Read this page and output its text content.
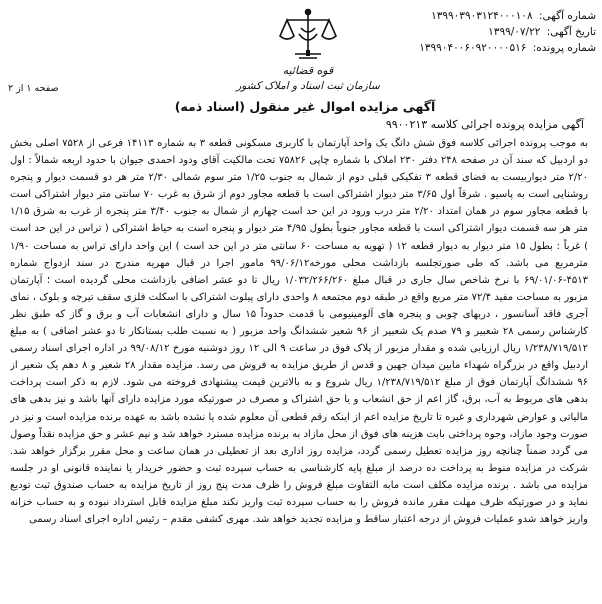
شماره آگهی: ۱۳۹۹۰۳۹۰۳۱۲۴۰۰۰۱۰۸
تاریخ آگهی: ۱۳۹۹/۰۷/۲۲
شماره پرونده: ۱۳۹۹۰۴۰۰۶۰۹۲۰۰۰۰۵۱۶
قوه قضائیه
سازمان ثبت اسناد و املاک کشور
صفحه ۱ از ۲
آگهی مزایده اموال غیر منقول (اسناد ذمه)
آگهی مزایده پرونده اجرائی کلاسه ۹۹۰۰۲۱۳
به موجب پرونده اجرائی کلاسه فوق شش دانگ یک واحد آپارتمان با کاربری مسکونی قطعه ۳ به شماره ۱۴۱۱۳ فرعی از ۷۵۲۸ اصلی بخش دو اردبیل که سند آن در صفحه ۲۴۸ دفتر ۲۳۰ املاک با شماره چاپی ۷۵۸۲۶ تحت مالکیت آقای ودود احمدی جیوان با حدود اربعه شمالاً : اول ۲/۲۰ متر دیواربیست به فضای قطعه ۳ تفکیکی قبلی دوم از شمال به جنوب ۱/۲۵ متر سوم شمالی ۲/۳۰ متر هر دو قسمت دیوار و پنجره روشنایی است به پاسیو . شرقاً اول ۳/۶۵ متر دیوار اشتراکی است با قطعه مجاور دوم از شرق به غرب ۷۰ سانتی متر دیوار اشتراکی است با قطعه مجاور سوم در همان امتداد ۲/۲۰ متر درب ورود در این حد است چهارم از شمال به جنوب ۳/۴۰ متر پنجره از غرب به شرق ۱/۱۵ متر هر سه قسمت دیوار اشتراکی است با قطعه مجاور جنوباً بطول ۴/۹۵ متر دیوار و پنجره است به حیاط اشتراکی ( تراس در این حد است ) غرباً : بطول ۱۵ متر دیوار به دیوار قطعه ۱۲ ( تهویه به مساحت ۶۰ سانتی متر در این حد است ) این واحد دارای تراس به مساحت ۱/۹۰ مترمربع می باشد. که طی صورتجلسه بازداشت محلی مورخه۹۹/۰۶/۱۲ مامور اجرا در قبال مهریه مندرج در سند ازدواج شماره ۴۵۱۳-۶۹/۰۱/۰۶ با نرخ شاخص سال جاری در قبال مبلغ ۱/۰۳۲/۲۶۶/۲۶۰ ریال تا دو عشر اضافی بازداشت محلی گردیده است ؛ آپارتمان مزبور به مساحت مفید ۷۲/۴ متر مربع واقع در طبقه دوم مجتمعه ۸ واحدی دارای پیلوت اشتراکی با اسکلت فلزی سقف تیرچه و بلوک ، نمای آجری فاقد آسانسور ، دربهای چوبی و پنجره های آلومینیومی با قدمت حدوداً ۱۵ سال و دارای انشعابات آب و برق و گاز که طبق نظر کارشناس رسمی ۲۸ شعبیر و ۷۹ صدم یک شعبیر از ۹۶ شعیر ششدانگ واحد مزبور ( به نسبت طلب بستانکار تا دو عشر اضافی ) به مبلغ ۱/۲۳۸/۷۱۹/۵۱۲ ریال ارزیابی شده و مقدار مزبور از پلاک فوق در ساعت ۹ الی ۱۲ روز دوشنبه مورخ ۹۹/۰۸/۱۲ در اداره اجرای اسناد رسمی اردبیل واقع در بزرگراه شهداء مابین میدان جهین و قدس از طریق مزایده به فروش می رسد. مزایده مقدار ۲۸ شعیر و ۸ دهم یک شعیر از ۹۶ ششدانگ آپارتمان فوق از مبلغ ۱/۲۳۸/۷۱۹/۵۱۲ ریال شروع و به بالاترین قیمت پیشنهادی فروخته می شود. لازم به ذکر است پرداخت بدهی های مربوط به آب، برق، گاز اعم از حق انشعاب و یا حق اشتراک و مصرف در صورتیکه مورد مزایده دارای آنها باشد و نیز بدهی های مالیاتی و عوارض شهرداری و غیره تا تاریخ مزایده اعم از اینکه رقم قطعی آن معلوم شده یا نشده باشد به عهده برنده مزایده است و نیز در صورت وجود مازاد، وجوه پرداختی بابت هزینه های فوق از محل مازاد به برنده مزایده مسترد خواهد شد و نیم عشر و حق مزایده نقداً وصول می گردد ضمناً چنانچه روز مزایده تعطیل رسمی گردد، مزایده روز اداری بعد از تعطیلی در همان ساعت و محل مقرر برگزار خواهد شد. شرکت در مزایده منوط به پرداخت ده درصد از مبلغ پایه کارشناسی به حساب سپرده ثبت و حضور خریدار یا نماینده قانونی او در جلسه مزایده می باشد . برنده مزایده مکلف است مابه التفاوت مبلغ فروش را ظرف مدت پنج روز از تاریخ مزایده به حساب صندوق ثبت تودیع نماید و در صورتیکه ظرف مهلت مقرر مانده فروش را به حساب سپرده ثبت واریز نکند مبلغ مزایده قابل استرداد نبوده و به حساب خزانه واریز خواهد شدو عملیات فروش از درجه اعتبار ساقط و مزایده تجدید خواهد شد. مهری کشفی مقدم – رئیس اداره اجرای اسناد رسمی
